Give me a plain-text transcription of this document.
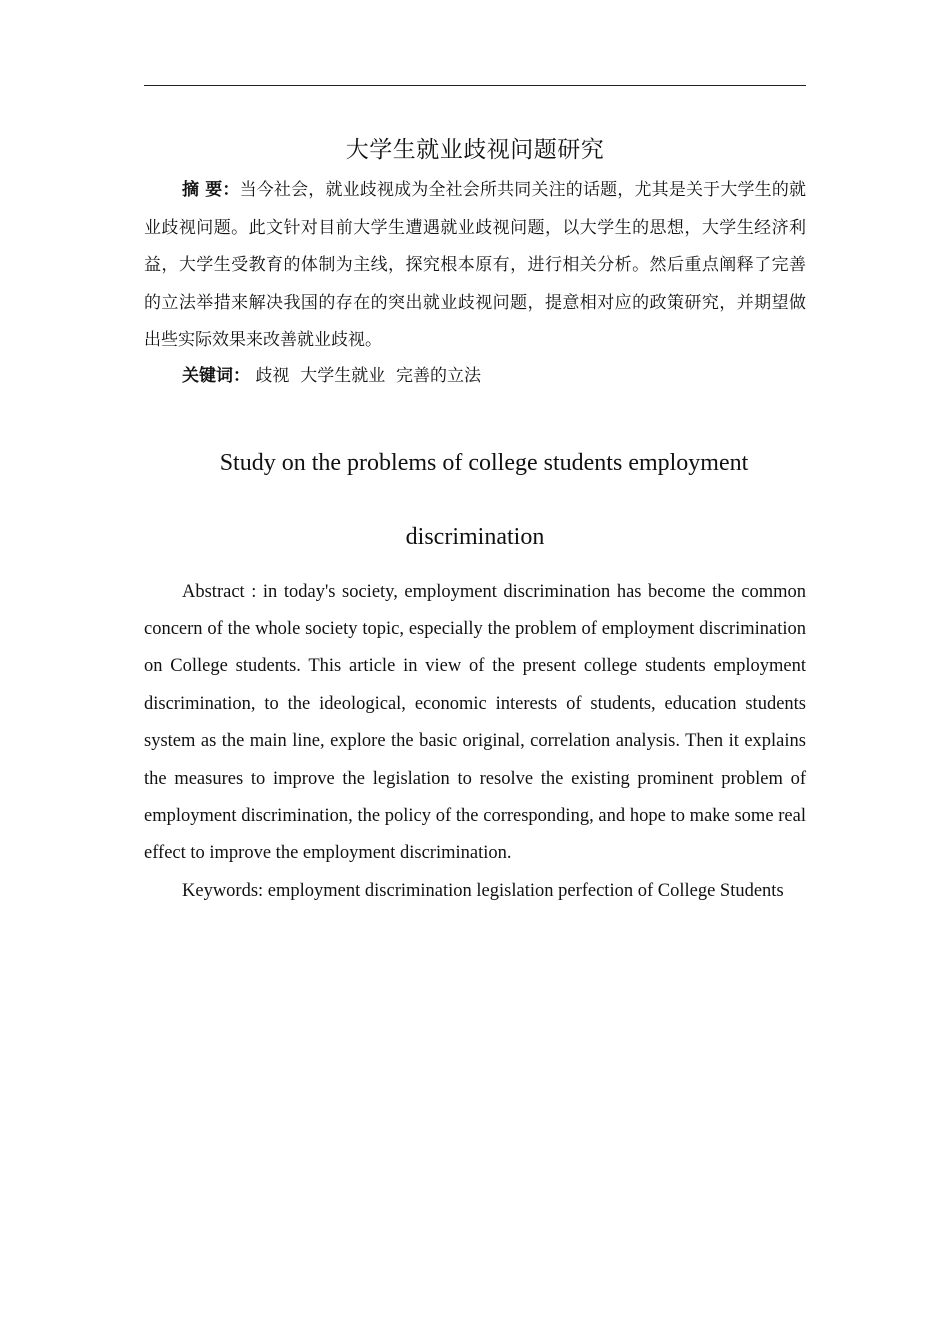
大学生就业歧视问题研究

摘 要：当今社会，就业歧视成为全社会所共同关注的话题，尤其是关于大学生的就业歧视问题。此文针对目前大学生遭遇就业歧视问题，以大学生的思想，大学生经济利益，大学生受教育的体制为主线，探究根本原有，进行相关分析。然后重点阐释了完善的立法举措来解决我国的存在的突出就业歧视问题，提意相对应的政策研究，并期望做出些实际效果来改善就业歧视。

关键词： 歧视  大学生就业  完善的立法

Study on the problems of college students employment
discrimination

Abstract : in today's society, employment discrimination has become the common concern of the whole society topic, especially the problem of employment discrimination on College students. This article in view of the present college students employment discrimination, to the ideological, economic interests of students, education students system as the main line, explore the basic original, correlation analysis. Then it explains the measures to improve the legislation to resolve the existing prominent problem of employment discrimination, the policy of the corresponding, and hope to make some real effect to improve the employment discrimination.

Keywords: employment discrimination legislation perfection of College Students
